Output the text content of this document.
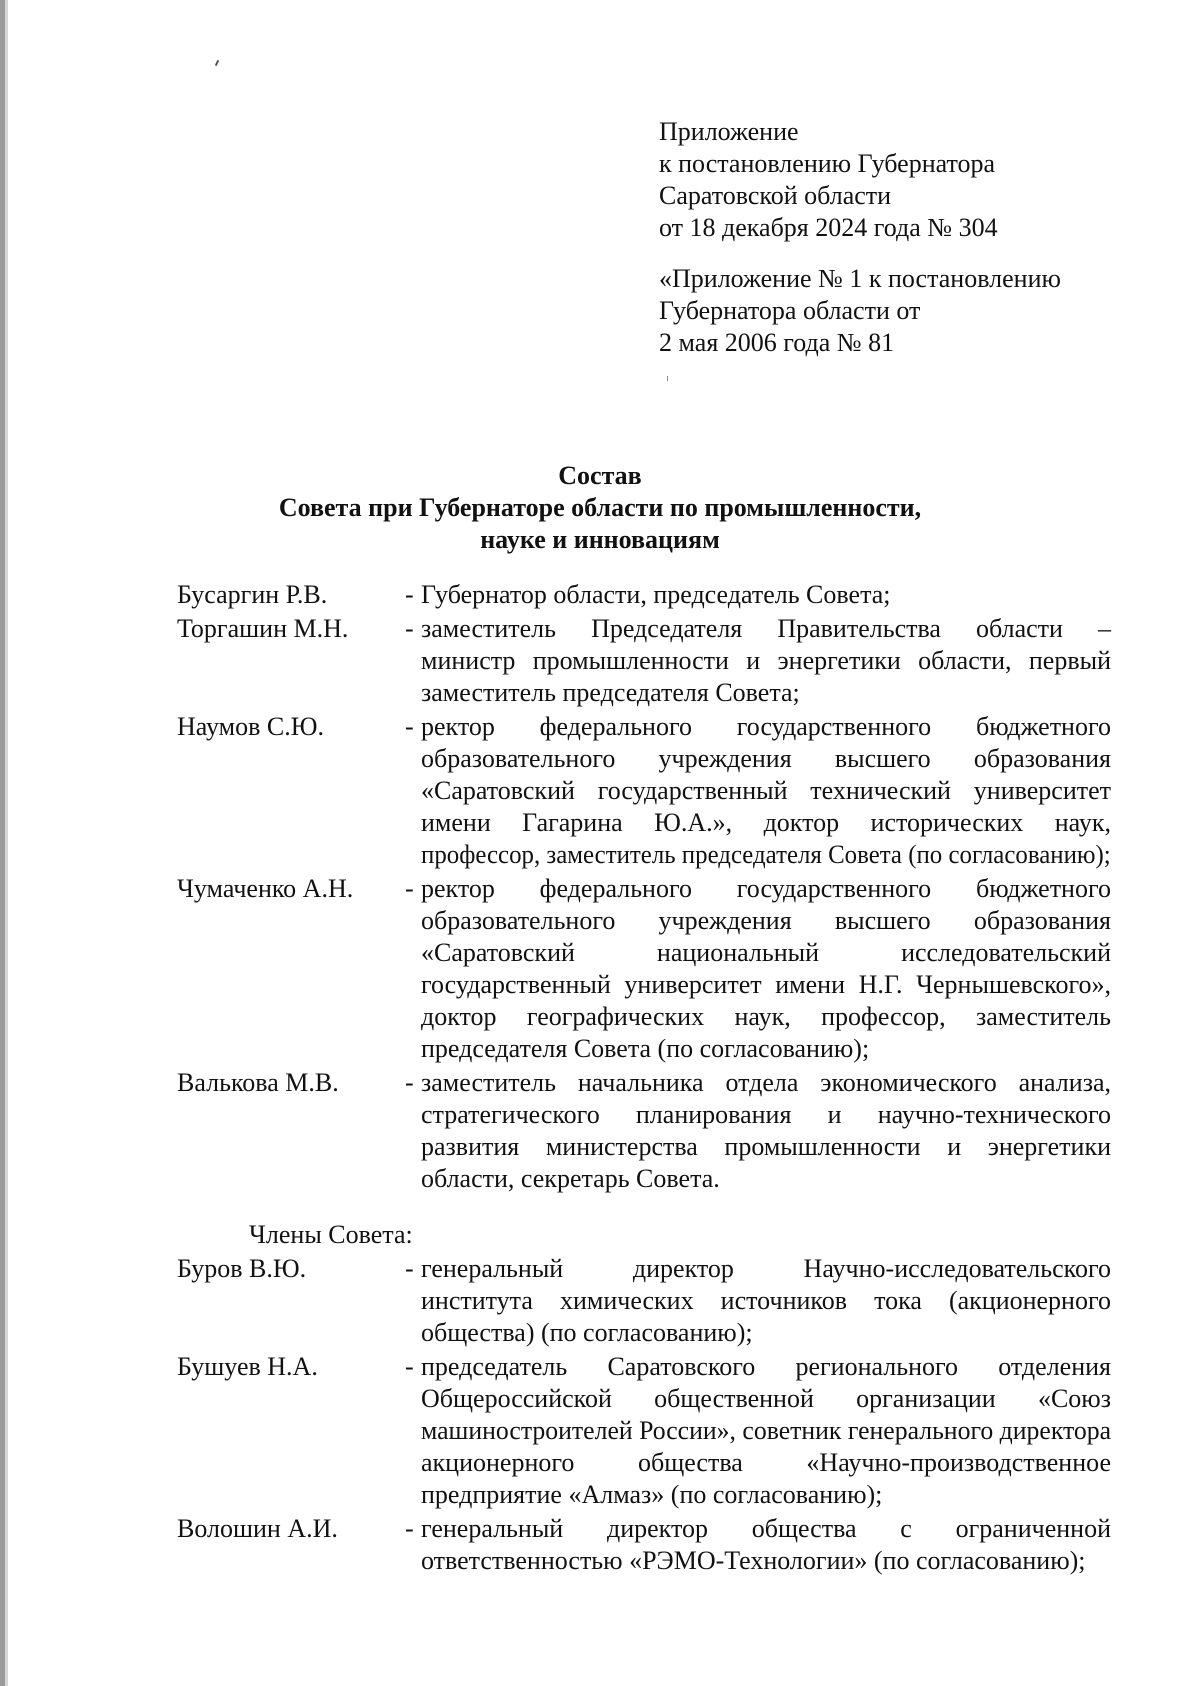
Приложение
к постановлению Губернатора
Саратовской области
от 18 декабря 2024 года № 304
«Приложение № 1 к постановлению
Губернатора области от
2 мая 2006 года № 81
Состав
Совета при Губернаторе области по промышленности,
науке и инновациям
Бусаргин Р.В.	- Губернатор области, председатель Совета;
Торгашин М.Н.	- заместитель Председателя Правительства области –
министр промышленности и энергетики области, первый
заместитель председателя Совета;
Наумов С.Ю.	- ректор федерального государственного бюджетного
образовательного учреждения высшего образования
«Саратовский государственный технический университет
имени Гагарина Ю.А.», доктор исторических наук,
профессор, заместитель председателя Совета (по согласованию);
Чумаченко А.Н.	- ректор федерального государственного бюджетного
образовательного учреждения высшего образования
«Саратовский национальный исследовательский
государственный университет имени Н.Г. Чернышевского»,
доктор географических наук, профессор, заместитель
председателя Совета (по согласованию);
Валькова М.В.	- заместитель начальника отдела экономического анализа,
стратегического планирования и научно-технического
развития министерства промышленности и энергетики
области, секретарь Совета.
Члены Совета:
Буров В.Ю.	- генеральный директор Научно-исследовательского
института химических источников тока (акционерного
общества) (по согласованию);
Бушуев Н.А.	- председатель Саратовского регионального отделения
Общероссийской общественной организации «Союз
машиностроителей России», советник генерального директора
акционерного общества «Научно-производственное
предприятие «Алмаз» (по согласованию);
Волошин А.И.	- генеральный директор общества с ограниченной
ответственностью «РЭМО-Технологии» (по согласованию);
